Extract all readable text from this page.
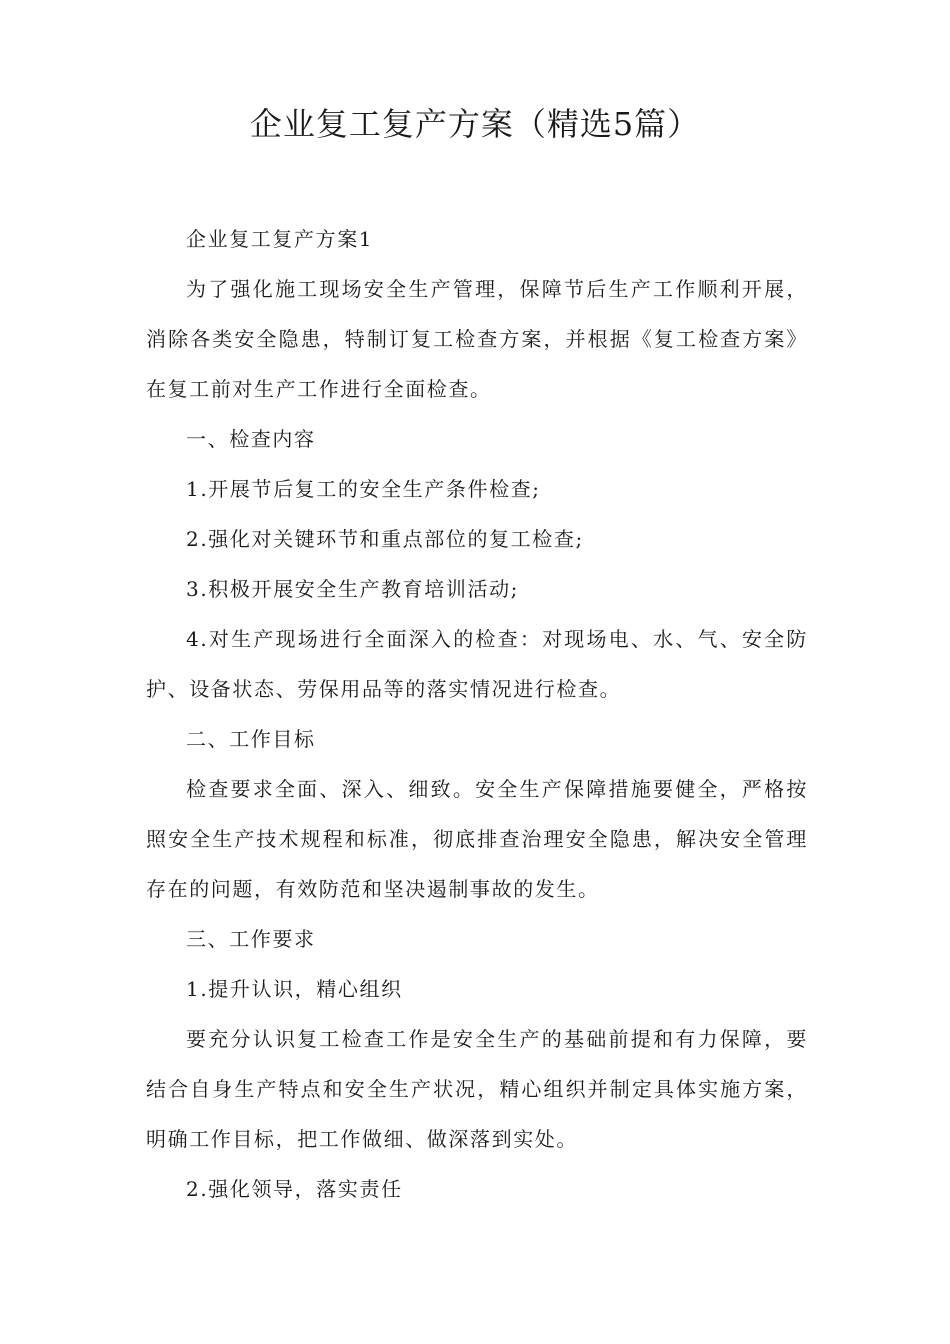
企业复工复产方案（精选5篇）

企业复工复产方案1

为了强化施工现场安全生产管理，保障节后生产工作顺利开展，消除各类安全隐患，特制订复工检查方案，并根据《复工检查方案》在复工前对生产工作进行全面检查。

一、检查内容

1.开展节后复工的安全生产条件检查;

2.强化对关键环节和重点部位的复工检查;

3.积极开展安全生产教育培训活动;

4.对生产现场进行全面深入的检查：对现场电、水、气、安全防护、设备状态、劳保用品等的落实情况进行检查。

二、工作目标

检查要求全面、深入、细致。安全生产保障措施要健全，严格按照安全生产技术规程和标准，彻底排查治理安全隐患，解决安全管理存在的问题，有效防范和坚决遏制事故的发生。

三、工作要求

1.提升认识，精心组织

要充分认识复工检查工作是安全生产的基础前提和有力保障，要结合自身生产特点和安全生产状况，精心组织并制定具体实施方案，明确工作目标，把工作做细、做深落到实处。

2.强化领导，落实责任
